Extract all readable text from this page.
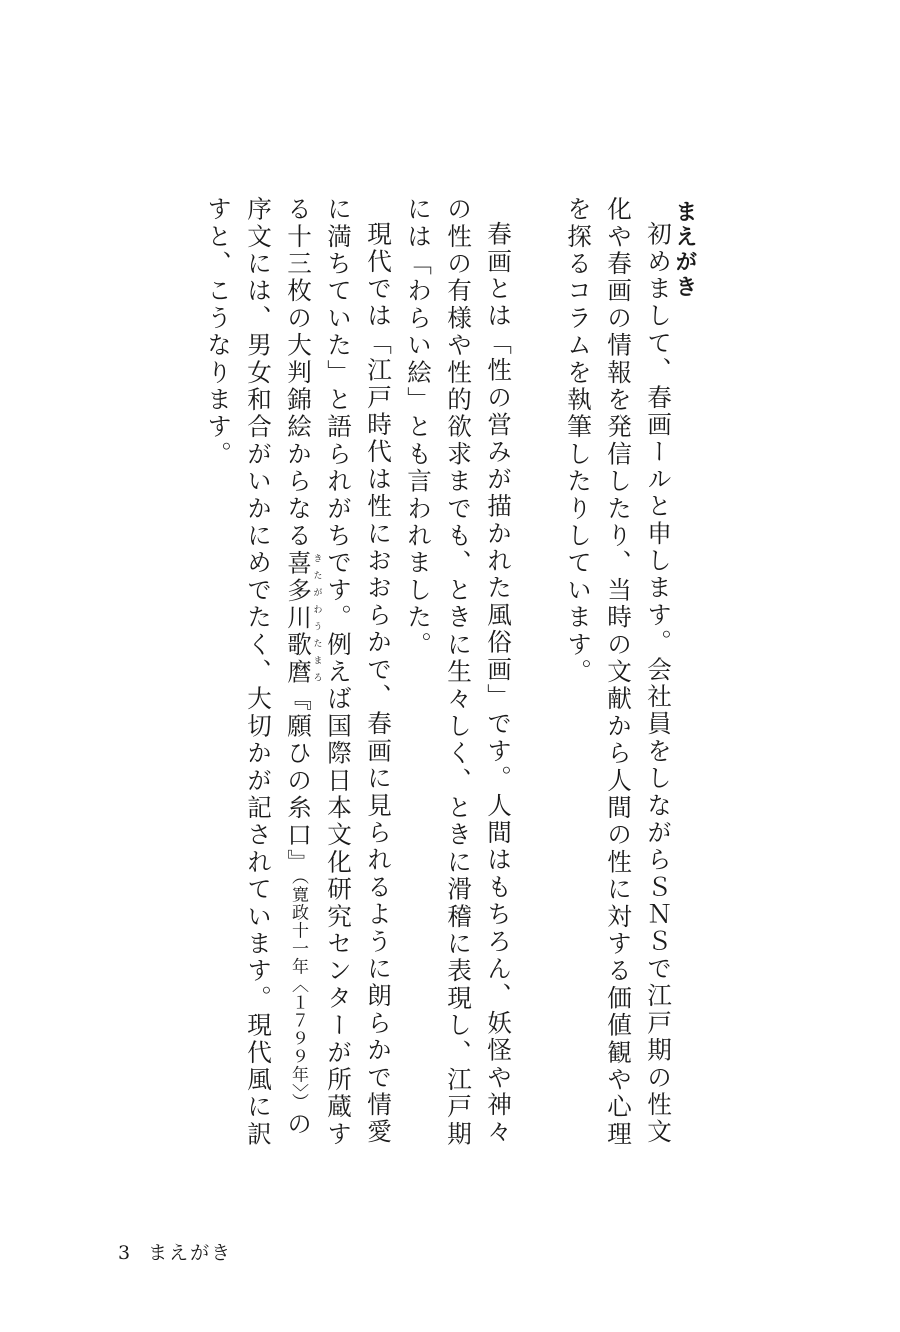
まえがき

初めまして、春画ールと申します。会社員をしながらＳＮＳで江戸期の性文化や春画の情報を発信したり、当時の文献から人間の性に対する価値観や心理を探るコラムを執筆したりしています。

春画とは「性の営みが描かれた風俗画」です。人間はもちろん、妖怪や神々の性の有様や性的欲求までも、ときに生々しく、ときに滑稽に表現し、江戸期には「わらい絵」とも言われました。

現代では「江戸時代は性におおらかで、春画に見られるように朗らかで情愛に満ちていた」と語られがちです。例えば国際日本文化研究センターが所蔵する十三枚の大判錦絵からなる喜多川歌麿きたがわうたまろ『願ひの糸口』（寛政十一年〈１７９９年〉）の序文には、男女和合がいかにめでたく、大切かが記されています。現代風に訳すと、こうなります。

3 まえがき
